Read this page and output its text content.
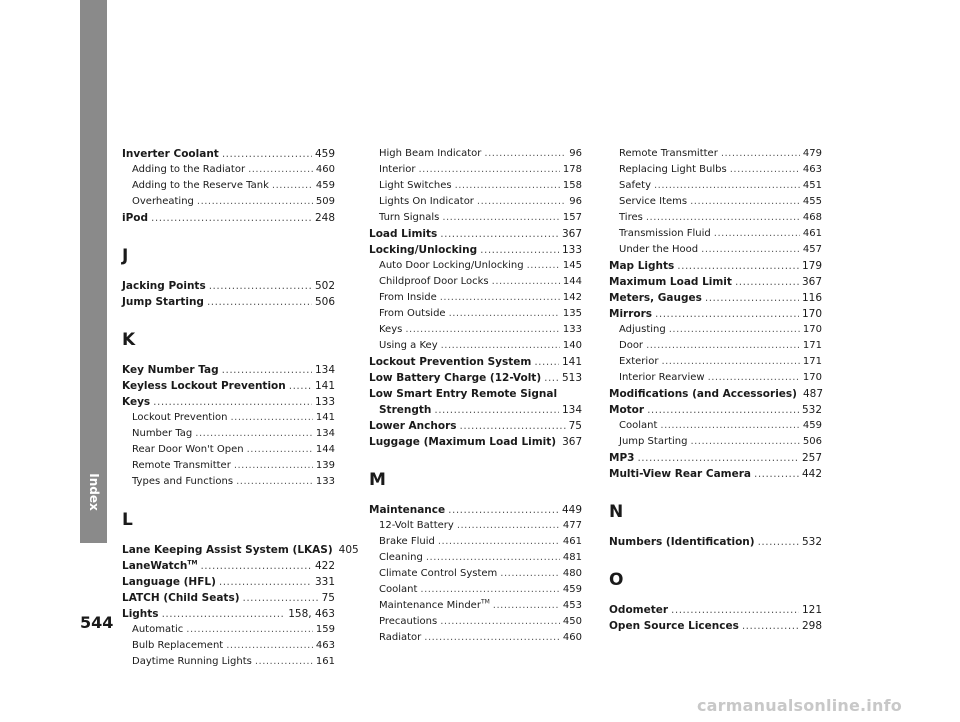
Index
Inverter Coolant .....	459
Adding to the Radiator .....	460
Adding to the Reserve Tank .....	459
Overheating .....	509
iPod .....	248
J
Jacking Points .....	502
Jump Starting .....	506
K
Key Number Tag .....	134
Keyless Lockout Prevention .....	141
Keys .....	133
Lockout Prevention .....	141
Number Tag .....	134
Rear Door Won't Open .....	144
Remote Transmitter .....	139
Types and Functions .....	133
L
Lane Keeping Assist System (LKAS) 405
LaneWatch™ .....	422
Language (HFL) .....	331
LATCH (Child Seats) .....	75
Lights .....	158, 463
Automatic .....	159
Bulb Replacement .....	463
Daytime Running Lights .....	161
High Beam Indicator .....	96
Interior .....	178
Light Switches .....	158
Lights On Indicator .....	96
Turn Signals .....	157
Load Limits .....	367
Locking/Unlocking .....	133
Auto Door Locking/Unlocking .....	145
Childproof Door Locks .....	144
From Inside .....	142
From Outside .....	135
Keys .....	133
Using a Key .....	140
Lockout Prevention System .....	141
Low Battery Charge (12-Volt) ..... 513
Low Smart Entry Remote Signal
Strength .....	134
Lower Anchors .....	75
Luggage (Maximum Load Limit) 367
M
Maintenance .....	449
12-Volt Battery .....	477
Brake Fluid .....	461
Cleaning .....	481
Climate Control System .....	480
Coolant .....	459
Maintenance Minder™ .....	453
Precautions .....	450
Radiator .....	460
Remote Transmitter .....	479
Replacing Light Bulbs .....	463
Safety .....	451
Service Items .....	455
Tires .....	468
Transmission Fluid .....	461
Under the Hood .....	457
Map Lights .....	179
Maximum Load Limit .....	367
Meters, Gauges .....	116
Mirrors .....	170
Adjusting .....	170
Door .....	171
Exterior .....	171
Interior Rearview .....	170
Modifications (and Accessories) 487
Motor .....	532
Coolant .....	459
Jump Starting .....	506
MP3 .....	257
Multi-View Rear Camera .....	442
N
Numbers (Identification) .....	532
O
Odometer .....	121
Open Source Licences .....	298
544
carmanualsonline.info
